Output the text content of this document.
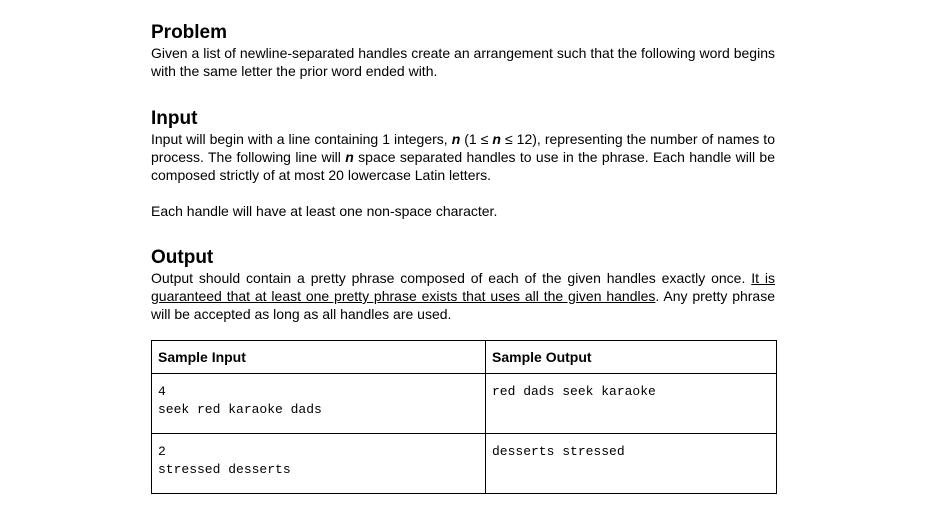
Problem

Given a list of newline-separated handles create an arrangement such that the following word begins with the same letter the prior word ended with.

Input

Input will begin with a line containing 1 integers, n (1 ≤ n ≤ 12), representing the number of names to process. The following line will n space separated handles to use in the phrase. Each handle will be composed strictly of at most 20 lowercase Latin letters.

Each handle will have at least one non-space character.

Output

Output should contain a pretty phrase composed of each of the given handles exactly once. It is guaranteed that at least one pretty phrase exists that uses all the given handles. Any pretty phrase will be accepted as long as all handles are used.

Sample Input	Sample Output

4
seek red karaoke dads	red dads seek karaoke

2
stressed desserts	desserts stressed
